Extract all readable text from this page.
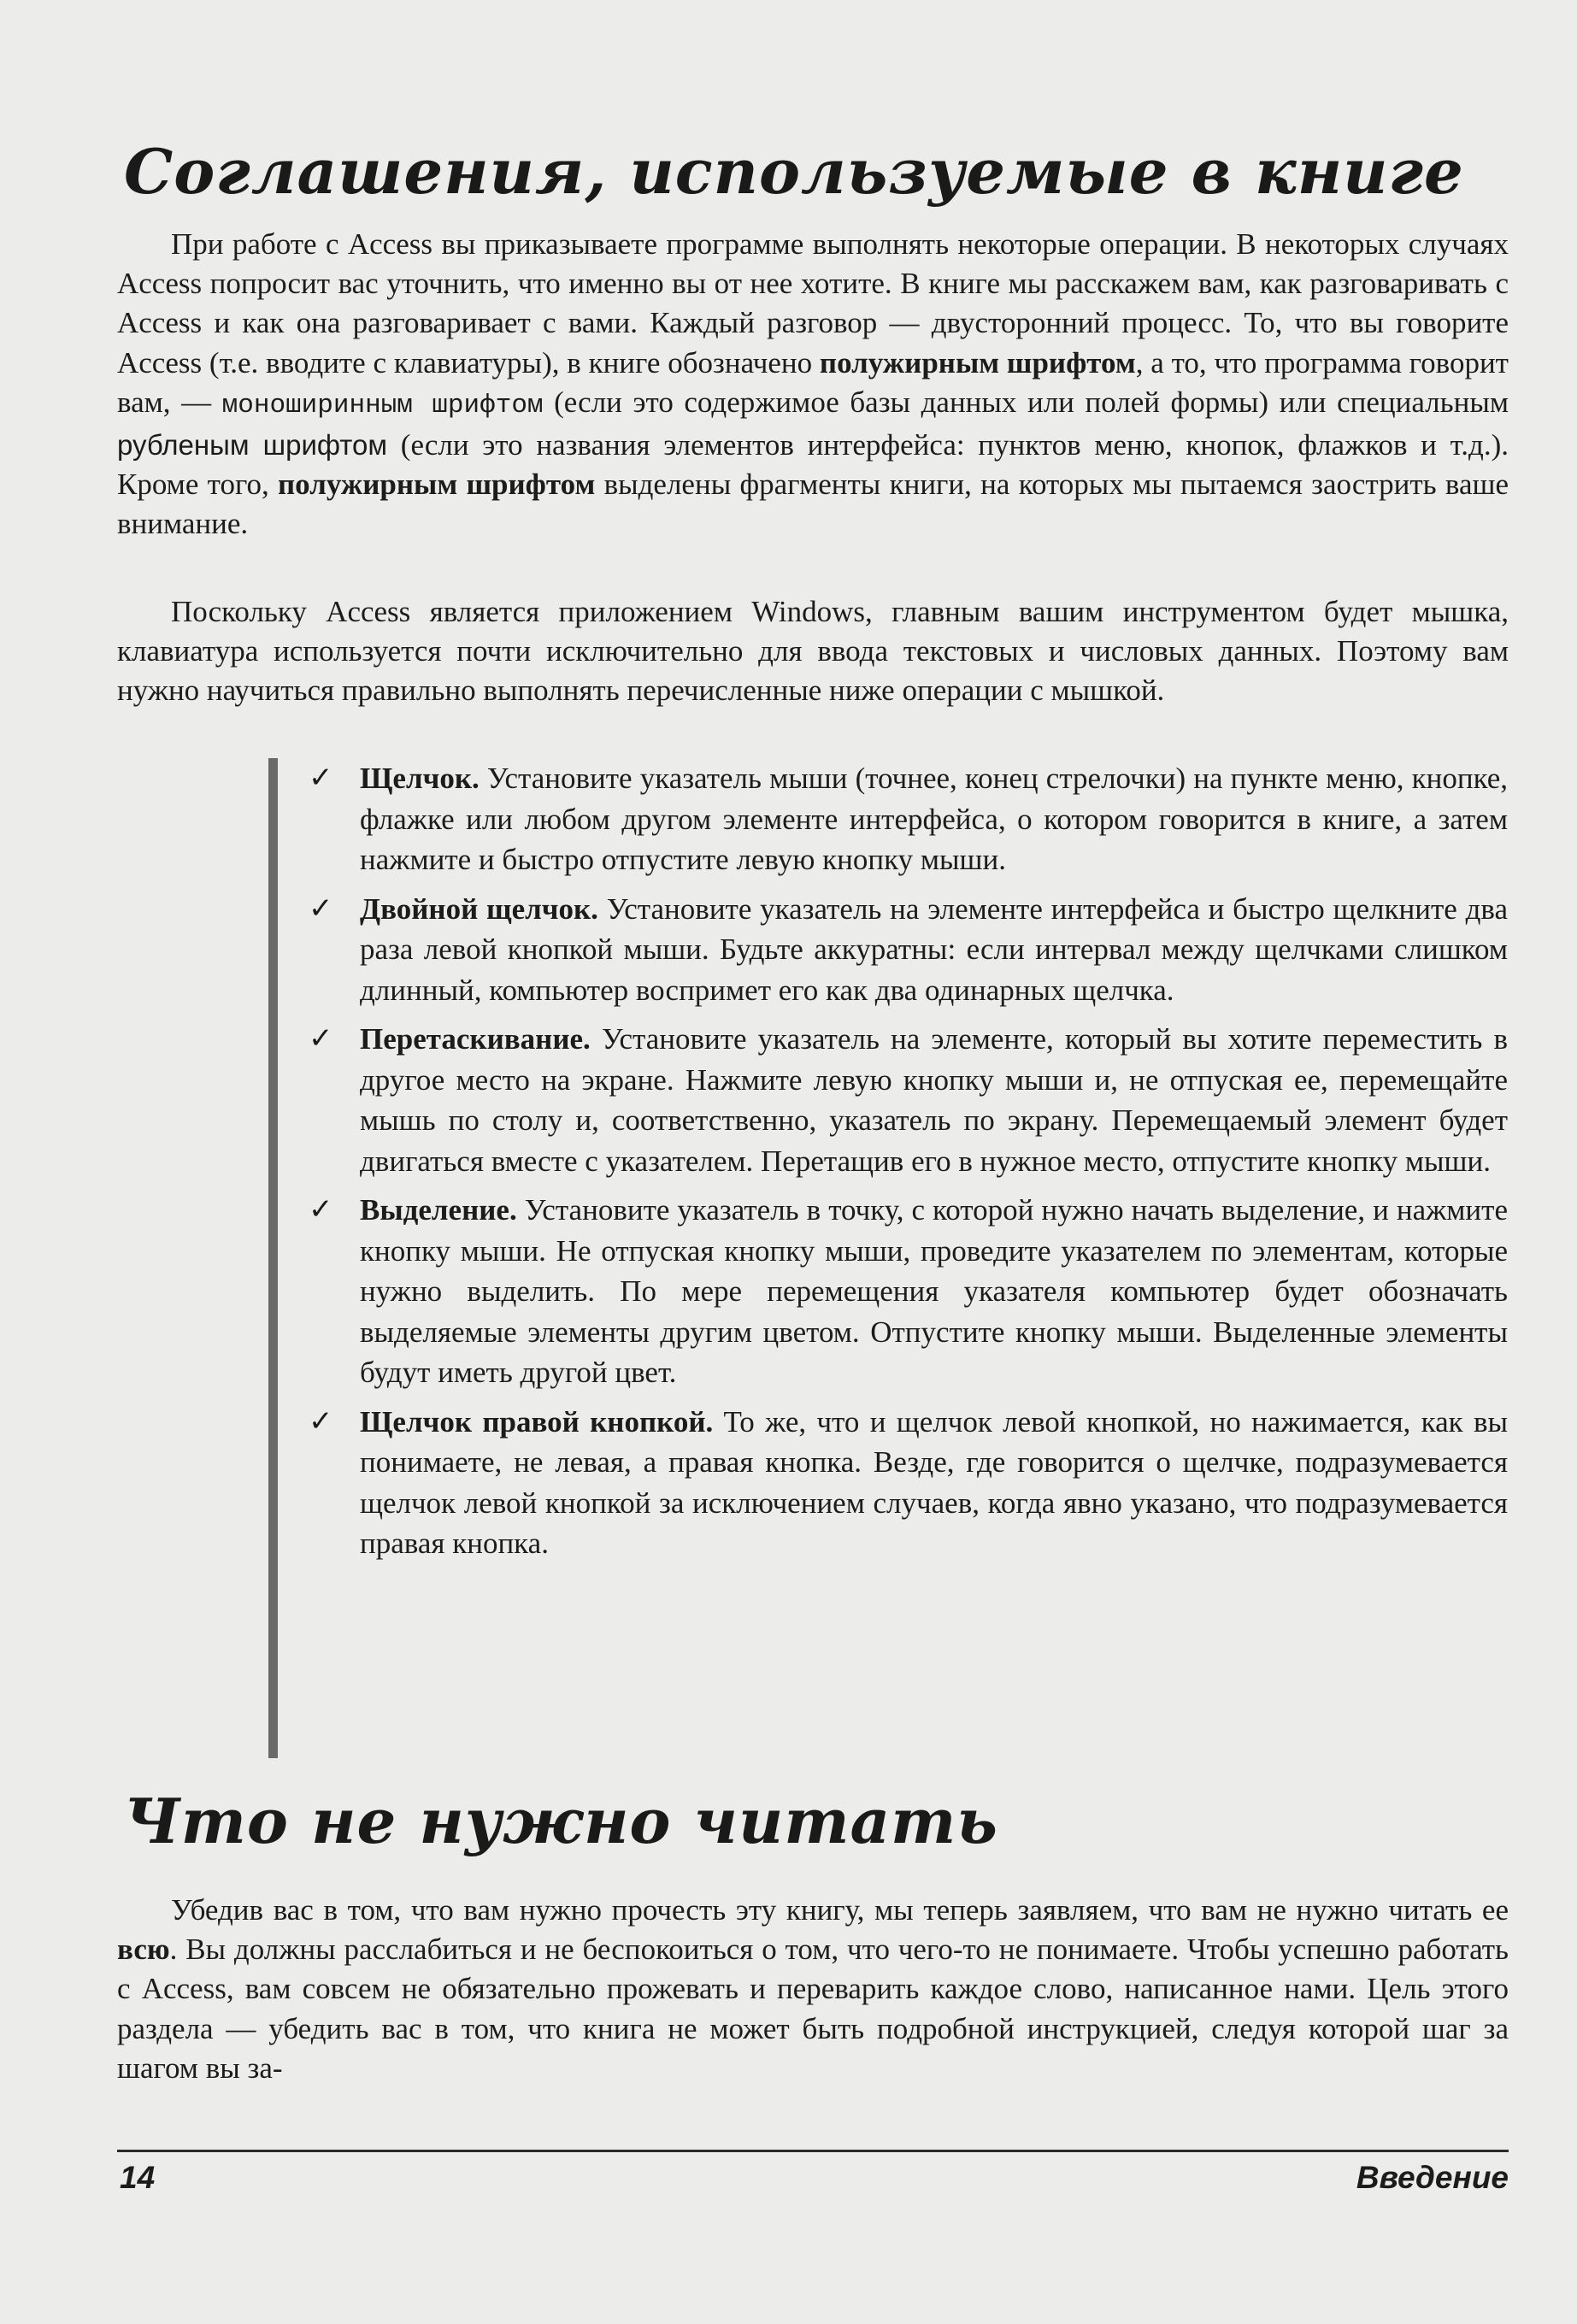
Соглашения, используемые в книге

При работе с Access вы приказываете программе выполнять некоторые операции. В некоторых случаях Access попросит вас уточнить, что именно вы от нее хотите. В книге мы расскажем вам, как разговаривать с Access и как она разговаривает с вами. Каждый разговор — двусторонний процесс. То, что вы говорите Access (т.е. вводите с клавиатуры), в книге обозначено полужирным шрифтом, а то, что программа говорит вам, — моноширинным шрифтом (если это содержимое базы данных или полей формы) или специальным рубленым шрифтом (если это названия элементов интерфейса: пунктов меню, кнопок, флажков и т.д.). Кроме того, полужирным шрифтом выделены фрагменты книги, на которых мы пытаемся заострить ваше внимание.

Поскольку Access является приложением Windows, главным вашим инструментом будет мышка, клавиатура используется почти исключительно для ввода текстовых и числовых данных. Поэтому вам нужно научиться правильно выполнять перечисленные ниже операции с мышкой.

✓ Щелчок. Установите указатель мыши (точнее, конец стрелочки) на пункте меню, кнопке, флажке или любом другом элементе интерфейса, о котором говорится в книге, а затем нажмите и быстро отпустите левую кнопку мыши.
✓ Двойной щелчок. Установите указатель на элементе интерфейса и быстро щелкните два раза левой кнопкой мыши. Будьте аккуратны: если интервал между щелчками слишком длинный, компьютер воспримет его как два одинарных щелчка.
✓ Перетаскивание. Установите указатель на элементе, который вы хотите переместить в другое место на экране. Нажмите левую кнопку мыши и, не отпуская ее, перемещайте мышь по столу и, соответственно, указатель по экрану. Перемещаемый элемент будет двигаться вместе с указателем. Перетащив его в нужное место, отпустите кнопку мыши.
✓ Выделение. Установите указатель в точку, с которой нужно начать выделение, и нажмите кнопку мыши. Не отпуская кнопку мыши, проведите указателем по элементам, которые нужно выделить. По мере перемещения указателя компьютер будет обозначать выделяемые элементы другим цветом. Отпустите кнопку мыши. Выделенные элементы будут иметь другой цвет.
✓ Щелчок правой кнопкой. То же, что и щелчок левой кнопкой, но нажимается, как вы понимаете, не левая, а правая кнопка. Везде, где говорится о щелчке, подразумевается щелчок левой кнопкой за исключением случаев, когда явно указано, что подразумевается правая кнопка.
Что не нужно читать

Убедив вас в том, что вам нужно прочесть эту книгу, мы теперь заявляем, что вам не нужно читать ее всю. Вы должны расслабиться и не беспокоиться о том, что чего-то не понимаете. Чтобы успешно работать с Access, вам совсем не обязательно прожевать и переварить каждое слово, написанное нами. Цель этого раздела — убедить вас в том, что книга не может быть подробной инструкцией, следуя которой шаг за шагом вы за-

14	Введение
